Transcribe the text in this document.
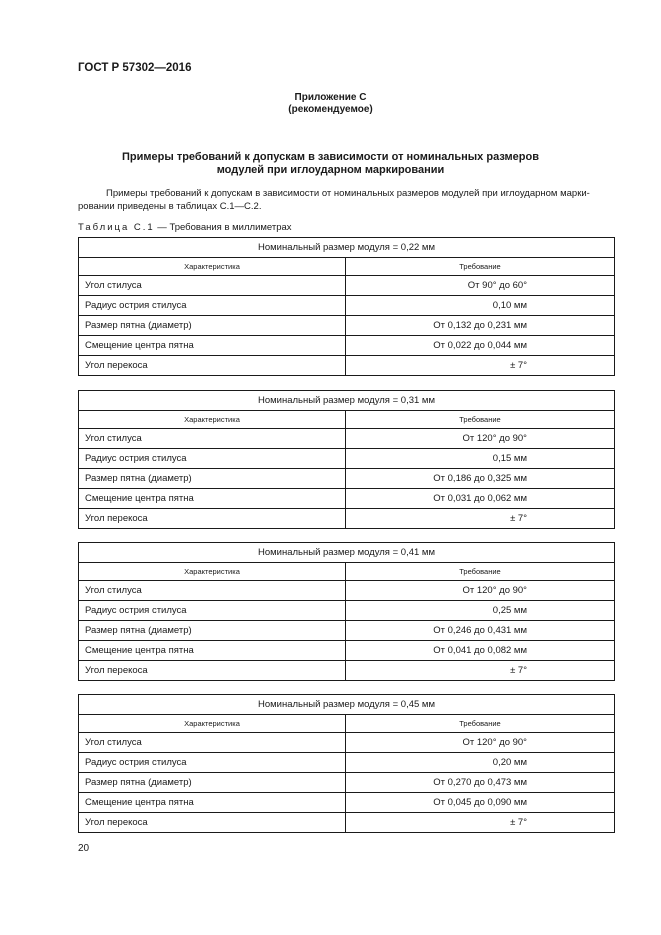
ГОСТ Р 57302—2016
Приложение С
(рекомендуемое)
Примеры требований к допускам в зависимости от номинальных размеров
модулей при иглоударном маркировании
Примеры требований к допускам в зависимости от номинальных размеров модулей при иглоударном марки-
ровании приведены в таблицах С.1—С.2.
Таблица С.1 — Требования в миллиметрах
Номинальный размер модуля = 0,22 мм	
Характеристика	Требование
Угол стилуса	От 90° до 60°
Радиус острия стилуса	0,10 мм
Размер пятна (диаметр)	От 0,132 до 0,231 мм
Смещение центра пятна	От 0,022 до 0,044 мм
Угол перекоса	± 7°
Номинальный размер модуля = 0,31 мм	
Характеристика	Требование
Угол стилуса	От 120° до 90°
Радиус острия стилуса	0,15 мм
Размер пятна (диаметр)	От 0,186 до 0,325 мм
Смещение центра пятна	От 0,031 до 0,062 мм
Угол перекоса	± 7°
Номинальный размер модуля = 0,41 мм	
Характеристика	Требование
Угол стилуса	От 120° до 90°
Радиус острия стилуса	0,25 мм
Размер пятна (диаметр)	От 0,246 до 0,431 мм
Смещение центра пятна	От 0,041 до 0,082 мм
Угол перекоса	± 7°
Номинальный размер модуля = 0,45 мм	
Характеристика	Требование
Угол стилуса	От 120° до 90°
Радиус острия стилуса	0,20 мм
Размер пятна (диаметр)	От 0,270 до 0,473 мм
Смещение центра пятна	От 0,045 до 0,090 мм
Угол перекоса	± 7°
20
